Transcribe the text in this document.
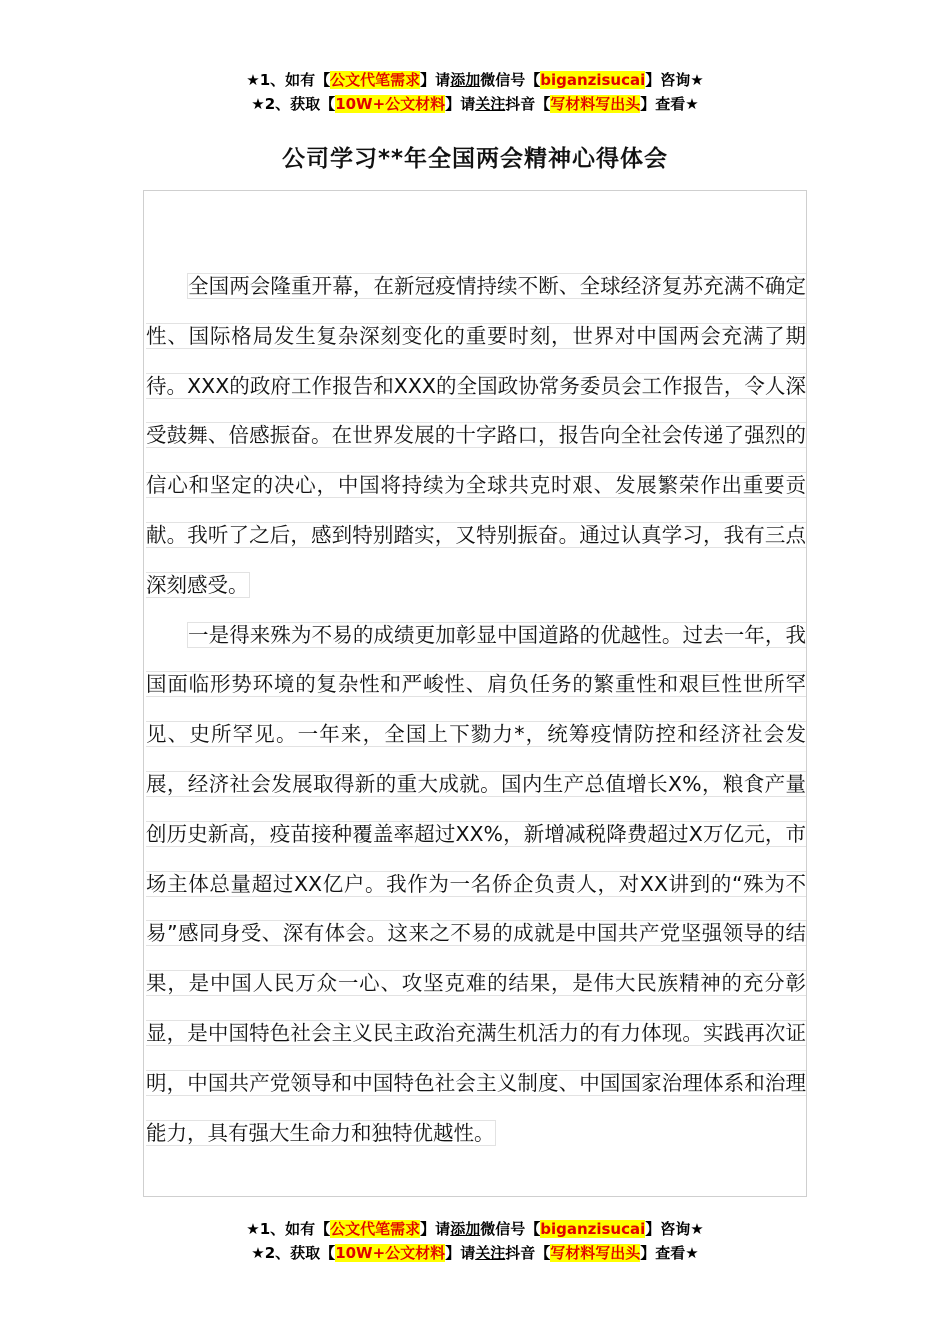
★1、如有【公文代笔需求】请添加微信号【biganzisucai】咨询★
★2、获取【10W+公文材料】请关注抖音【写材料写出头】查看★
公司学习**年全国两会精神心得体会

全国两会隆重开幕，在新冠疫情持续不断、全球经济复苏充满不确定性、国际格局发生复杂深刻变化的重要时刻，世界对中国两会充满了期待。XXX的政府工作报告和XXX的全国政协常务委员会工作报告，令人深受鼓舞、倍感振奋。在世界发展的十字路口，报告向全社会传递了强烈的信心和坚定的决心，中国将持续为全球共克时艰、发展繁荣作出重要贡献。我听了之后，感到特别踏实，又特别振奋。通过认真学习，我有三点深刻感受。

一是得来殊为不易的成绩更加彰显中国道路的优越性。过去一年，我国面临形势环境的复杂性和严峻性、肩负任务的繁重性和艰巨性世所罕见、史所罕见。一年来，全国上下勠力*，统筹疫情防控和经济社会发展，经济社会发展取得新的重大成就。国内生产总值增长X%，粮食产量创历史新高，疫苗接种覆盖率超过XX%，新增减税降费超过X万亿元，市场主体总量超过XX亿户。我作为一名侨企负责人，对XX讲到的“殊为不易”感同身受、深有体会。这来之不易的成就是中国共产党坚强领导的结果，是中国人民万众一心、攻坚克难的结果，是伟大民族精神的充分彰显，是中国特色社会主义民主政治充满生机活力的有力体现。实践再次证明，中国共产党领导和中国特色社会主义制度、中国国家治理体系和治理能力，具有强大生命力和独特优越性。

★1、如有【公文代笔需求】请添加微信号【biganzisucai】咨询★
★2、获取【10W+公文材料】请关注抖音【写材料写出头】查看★
